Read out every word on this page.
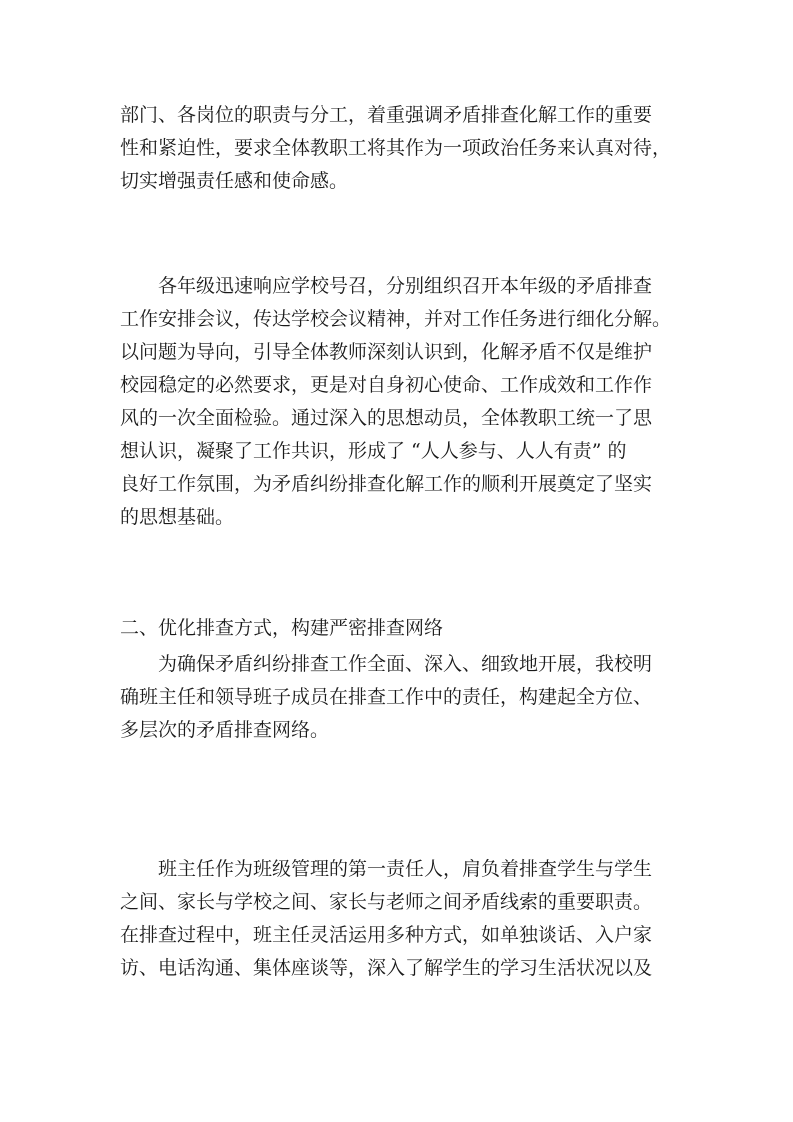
部门、各岗位的职责与分工，着重强调矛盾排查化解工作的重要
性和紧迫性，要求全体教职工将其作为一项政治任务来认真对待，
切实增强责任感和使命感。

各年级迅速响应学校号召，分别组织召开本年级的矛盾排查
工作安排会议，传达学校会议精神，并对工作任务进行细化分解。
以问题为导向，引导全体教师深刻认识到，化解矛盾不仅是维护
校园稳定的必然要求，更是对自身初心使命、工作成效和工作作
风的一次全面检验。通过深入的思想动员，全体教职工统一了思
想认识，凝聚了工作共识，形成了 “人人参与、人人有责” 的
良好工作氛围，为矛盾纠纷排查化解工作的顺利开展奠定了坚实
的思想基础。

二、优化排查方式，构建严密排查网络

为确保矛盾纠纷排查工作全面、深入、细致地开展，我校明
确班主任和领导班子成员在排查工作中的责任，构建起全方位、
多层次的矛盾排查网络。

班主任作为班级管理的第一责任人，肩负着排查学生与学生
之间、家长与学校之间、家长与老师之间矛盾线索的重要职责。
在排查过程中，班主任灵活运用多种方式，如单独谈话、入户家
访、电话沟通、集体座谈等，深入了解学生的学习生活状况以及
